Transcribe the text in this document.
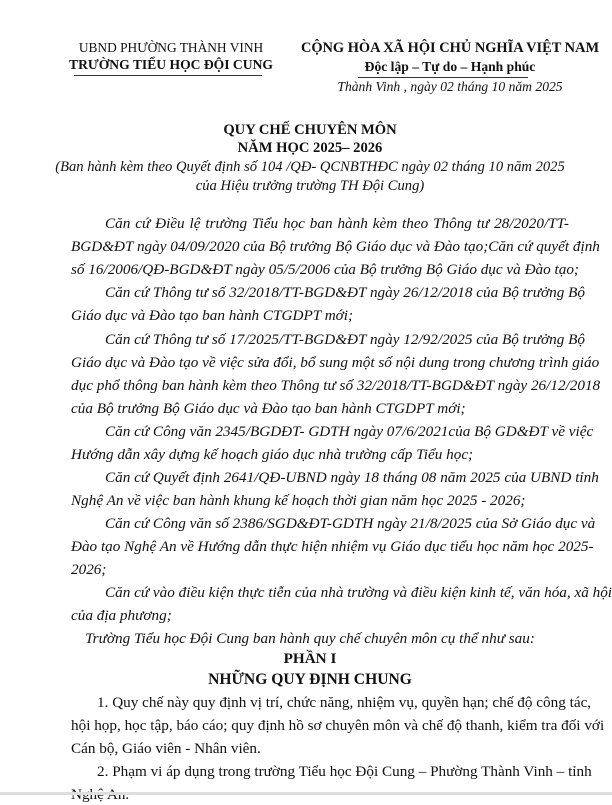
UBND PHƯỜNG THÀNH VINH
TRƯỜNG TIỂU HỌC ĐỘI CUNG
CỘNG HÒA XÃ HỘI CHỦ NGHĨA VIỆT NAM
Độc lập – Tự do – Hạnh phúc
Thành Vinh , ngày 02 tháng 10 năm 2025
QUY CHẾ CHUYÊN MÔN
NĂM HỌC 2025– 2026
(Ban hành kèm theo Quyết định số 104 /QĐ- QCNBTHĐC ngày 02 tháng 10 năm 2025
của Hiệu trưởng trường TH Đội Cung)
Căn cứ Điều lệ trường Tiểu học ban hành kèm theo Thông tư 28/2020/TT-
BGD&ĐT ngày 04/09/2020 của Bộ trưởng Bộ Giáo dục và Đào tạo;Căn cứ quyết định
số 16/2006/QĐ-BGD&ĐT ngày 05/5/2006 của Bộ trưởng Bộ Giáo dục và Đào tạo;
Căn cứ Thông tư số 32/2018/TT-BGD&ĐT ngày 26/12/2018 của Bộ trưởng Bộ
Giáo dục và Đào tạo ban hành CTGDPT mới;
Căn cứ Thông tư số 17/2025/TT-BGD&ĐT ngày 12/92/2025 của Bộ trưởng Bộ
Giáo dục và Đào tạo về việc sửa đổi, bổ sung một số nội dung trong chương trình giáo
dục phổ thông ban hành kèm theo Thông tư số 32/2018/TT-BGD&ĐT ngày 26/12/2018
của Bộ trưởng Bộ Giáo dục và Đào tạo ban hành CTGDPT mới;
Căn cứ Công văn 2345/BGDĐT- GDTH ngày 07/6/2021của Bộ GD&ĐT về việc
Hướng dẫn xây dựng kế hoạch giáo dục nhà trường cấp Tiểu học;
Căn cứ Quyết định 2641/QĐ-UBND ngày 18 tháng 08 năm 2025 của UBND tỉnh
Nghệ An về việc ban hành khung kế hoạch thời gian năm học 2025 - 2026;
Căn cứ Công văn số 2386/SGD&ĐT-GDTH ngày 21/8/2025 của Sở Giáo dục và
Đào tạo Nghệ An về Hướng dẫn thực hiện nhiệm vụ Giáo dục tiểu học năm học 2025-
2026;
Căn cứ vào điều kiện thực tiễn của nhà trường và điều kiện kinh tế, văn hóa, xã hội
của địa phương;
Trường Tiểu học Đội Cung ban hành quy chế chuyên môn cụ thể như sau:
PHẦN I
NHỮNG QUY ĐỊNH CHUNG
1. Quy chế này quy định vị trí, chức năng, nhiệm vụ, quyền hạn; chế độ công tác,
hội họp, học tập, báo cáo; quy định hồ sơ chuyên môn và chế độ thanh, kiểm tra đối với
Cán bộ, Giáo viên - Nhân viên.
2. Phạm vi áp dụng trong trường Tiểu học Đội Cung – Phường Thành Vinh – tỉnh
